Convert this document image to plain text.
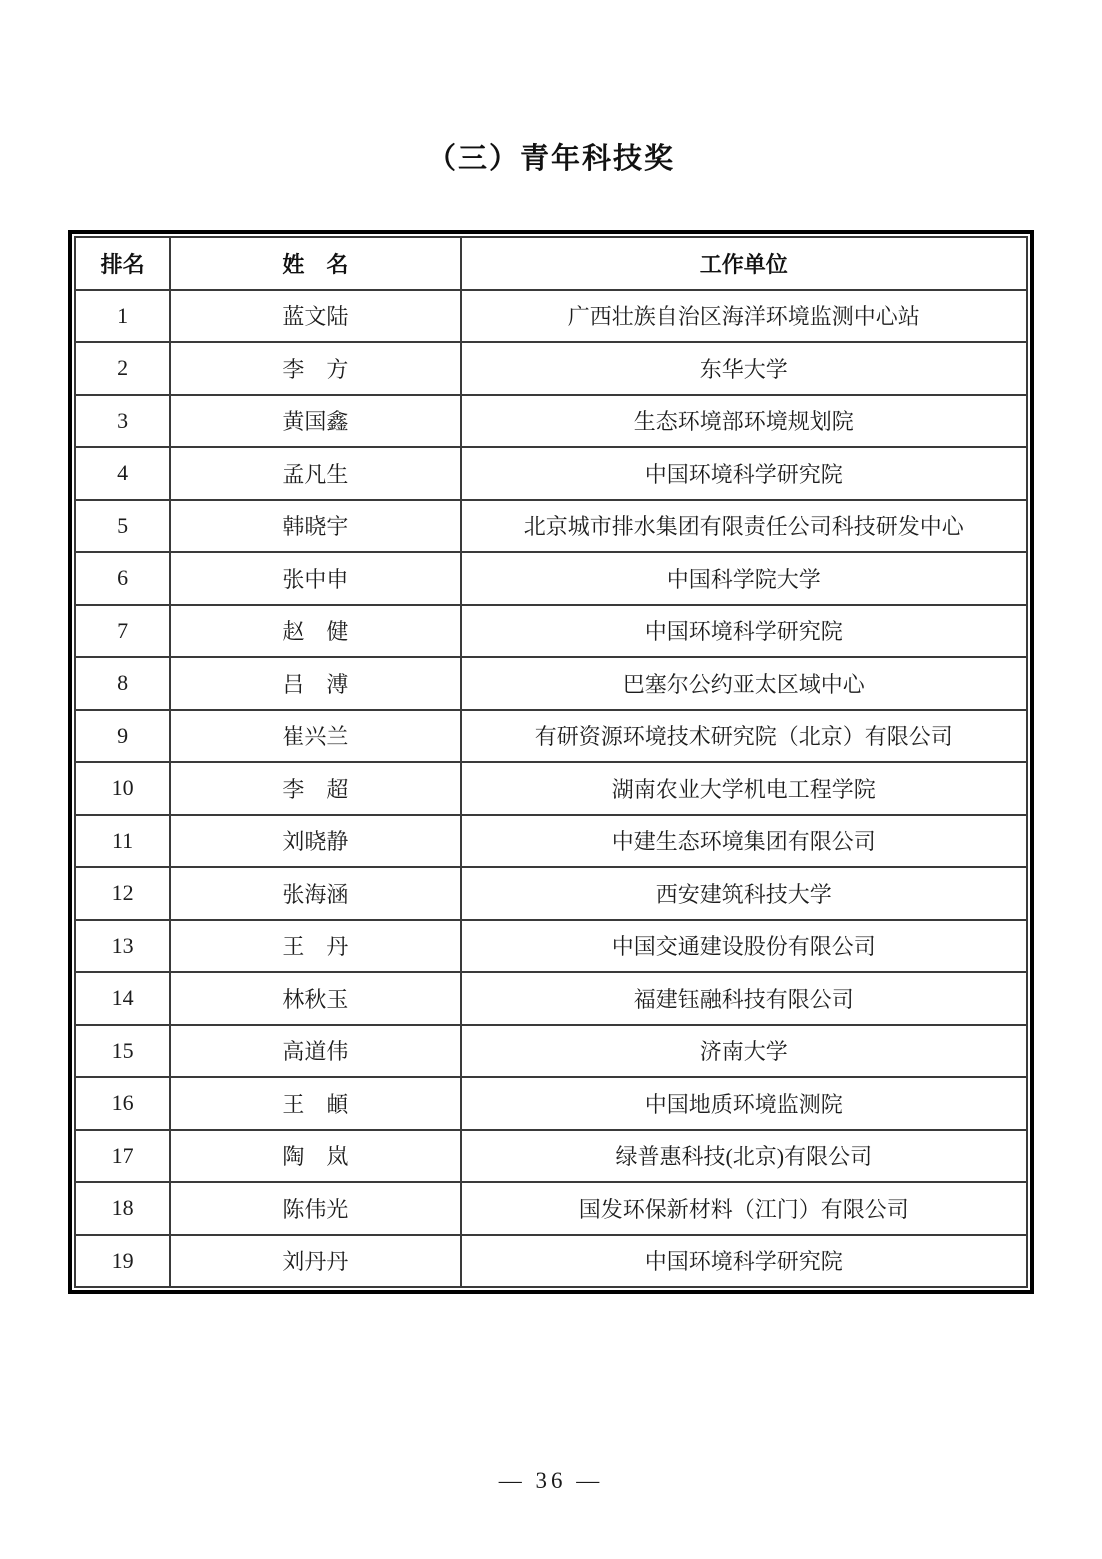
（三）青年科技奖
排名	姓　名	工作单位
1	蓝文陆	广西壮族自治区海洋环境监测中心站
2	李　方	东华大学
3	黄国鑫	生态环境部环境规划院
4	孟凡生	中国环境科学研究院
5	韩晓宇	北京城市排水集团有限责任公司科技研发中心
6	张中申	中国科学院大学
7	赵　健	中国环境科学研究院
8	吕　溥	巴塞尔公约亚太区域中心
9	崔兴兰	有研资源环境技术研究院（北京）有限公司
10	李　超	湖南农业大学机电工程学院
11	刘晓静	中建生态环境集团有限公司
12	张海涵	西安建筑科技大学
13	王　丹	中国交通建设股份有限公司
14	林秋玉	福建钰融科技有限公司
15	高道伟	济南大学
16	王　頔	中国地质环境监测院
17	陶　岚	绿普惠科技(北京)有限公司
18	陈伟光	国发环保新材料（江门）有限公司
19	刘丹丹	中国环境科学研究院
— 36 —
